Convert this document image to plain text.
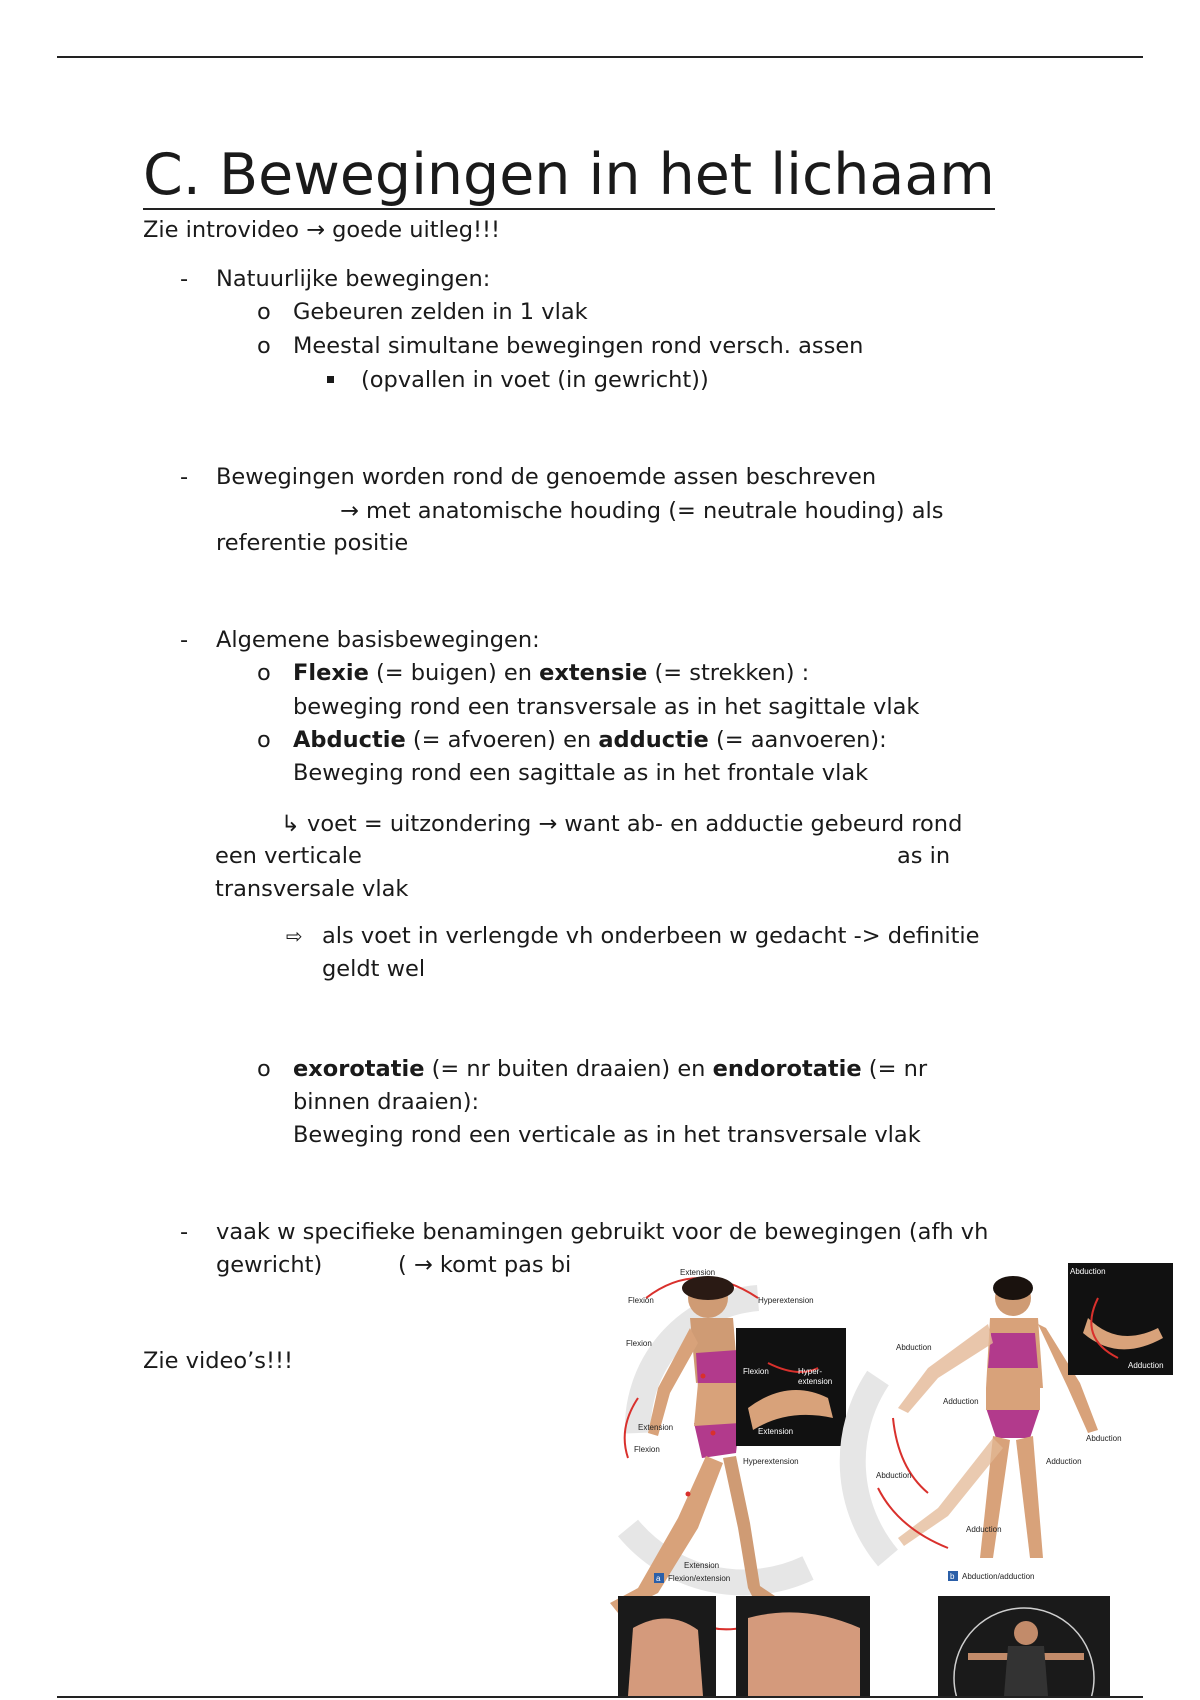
C. Bewegingen in het lichaam
Zie introvideo → goede uitleg!!!
- Natuurlijke bewegingen:
o Gebeuren zelden in 1 vlak
o Meestal simultane bewegingen rond versch. assen
(opvallen in voet (in gewricht))
- Bewegingen worden rond de genoemde assen beschreven
→ met anatomische houding (= neutrale houding) als
referentie positie
- Algemene basisbewegingen:
o Flexie (= buigen) en extensie (= strekken) :
beweging rond een transversale as in het sagittale vlak
o Abductie (= afvoeren) en adductie (= aanvoeren):
Beweging rond een sagittale as in het frontale vlak
↳ voet = uitzondering → want ab- en adductie gebeurd rond
een verticale	as in
transversale vlak
⇨ als voet in verlengde vh onderbeen w gedacht -> definitie
geldt wel
o exorotatie (= nr buiten draaien) en endorotatie (= nr
binnen draaien):
Beweging rond een verticale as in het transversale vlak
- vaak w specifieke benamingen gebruikt voor de bewegingen (afh vh
gewricht)	( → komt pas bi
Zie video’s!!!
Extension
Flexion	Hyperextension
Flexion
Extension
Flexion
Hyperextension
Extension
Flexion	Hyper-
extension
Extension
a Flexion/extension
Abduction
Adduction
Abduction
Adduction
Abduction
Adduction
Abduction
Adduction
b Abduction/adduction
